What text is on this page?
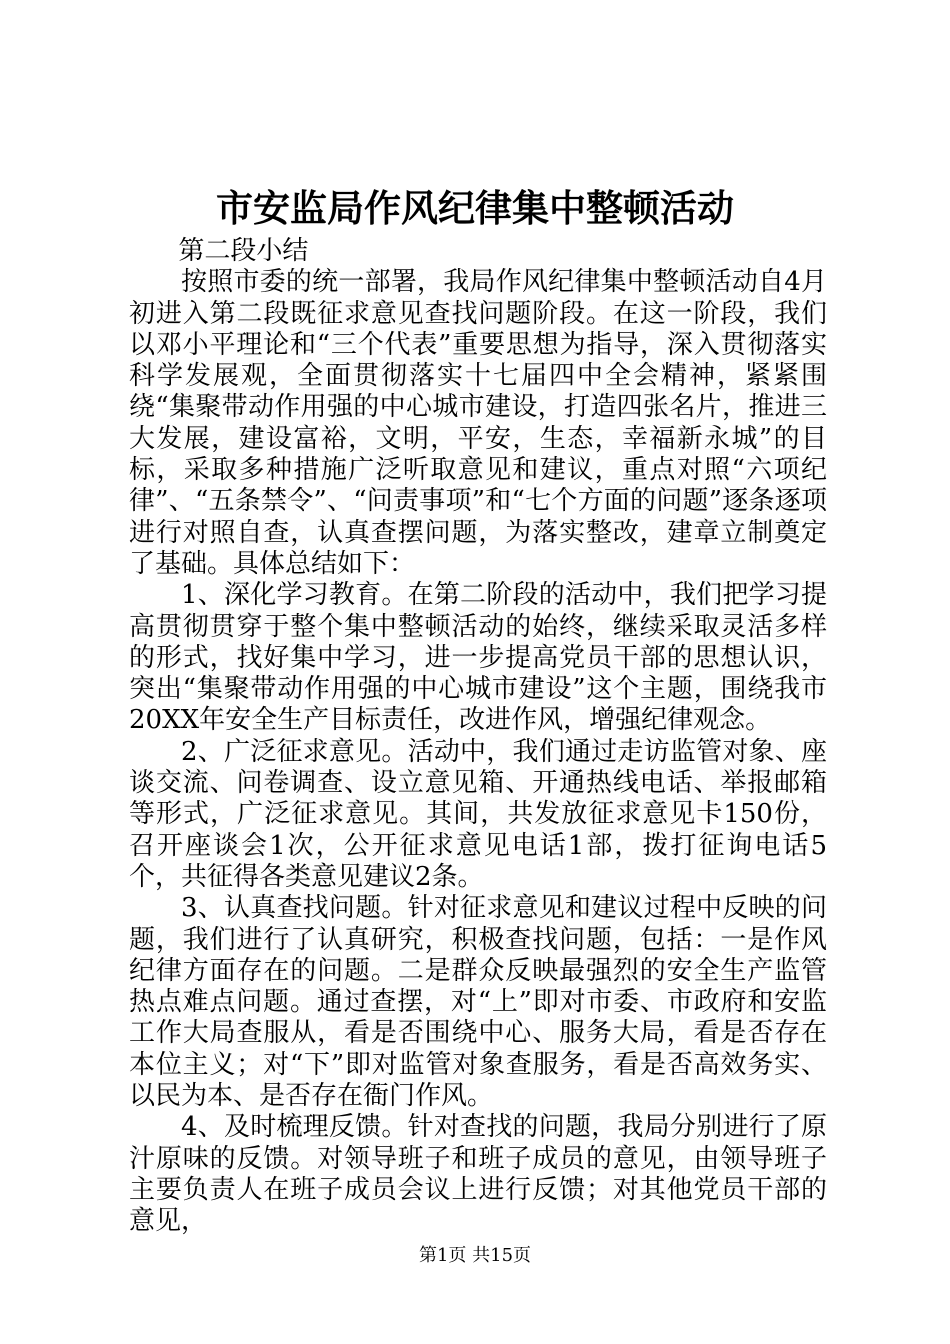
市安监局作风纪律集中整顿活动

第二段小结

按照市委的统一部署，我局作风纪律集中整顿活动自4月初进入第二段既征求意见查找问题阶段。在这一阶段，我们以邓小平理论和“三个代表”重要思想为指导，深入贯彻落实科学发展观，全面贯彻落实十七届四中全会精神，紧紧围绕“集聚带动作用强的中心城市建设，打造四张名片，推进三大发展，建设富裕，文明，平安，生态，幸福新永城”的目标，采取多种措施广泛听取意见和建议，重点对照“六项纪律”、“五条禁令”、“问责事项”和“七个方面的问题”逐条逐项进行对照自查，认真查摆问题，为落实整改，建章立制奠定了基础。具体总结如下：

1、深化学习教育。在第二阶段的活动中，我们把学习提高贯彻贯穿于整个集中整顿活动的始终，继续采取灵活多样的形式，找好集中学习，进一步提高党员干部的思想认识，突出“集聚带动作用强的中心城市建设”这个主题，围绕我市20XX年安全生产目标责任，改进作风，增强纪律观念。

2、广泛征求意见。活动中，我们通过走访监管对象、座谈交流、问卷调查、设立意见箱、开通热线电话、举报邮箱等形式，广泛征求意见。其间，共发放征求意见卡150份，召开座谈会1次，公开征求意见电话1部，拨打征询电话5个，共征得各类意见建议2条。

3、认真查找问题。针对征求意见和建议过程中反映的问题，我们进行了认真研究，积极查找问题，包括：一是作风纪律方面存在的问题。二是群众反映最强烈的安全生产监管热点难点问题。通过查摆，对“上”即对市委、市政府和安监工作大局查服从，看是否围绕中心、服务大局，看是否存在本位主义；对“下”即对监管对象查服务，看是否高效务实、以民为本、是否存在衙门作风。

4、及时梳理反馈。针对查找的问题，我局分别进行了原汁原味的反馈。对领导班子和班子成员的意见，由领导班子主要负责人在班子成员会议上进行反馈；对其他党员干部的意见，

第1页 共15页
